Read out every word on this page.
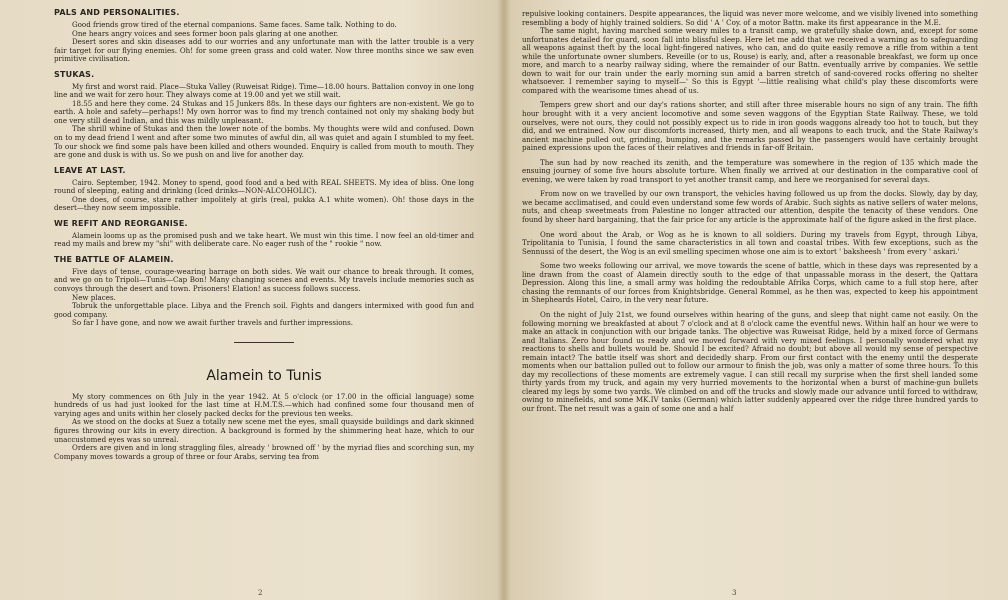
PALS AND PERSONALITIES.

Good friends grow tired of the eternal companions. Same faces. Same talk. Nothing to do.

One hears angry voices and sees former boon pals glaring at one another.

Desert sores and skin diseases add to our worries and any unfortunate man with the latter trouble is a very fair target for our flying enemies. Oh! for some green grass and cold water. Now three months since we saw even primitive civilisation.

STUKAS.

My first and worst raid. Place—Stuka Valley (Ruweisat Ridge). Time—18.00 hours. Battalion convoy in one long line and we wait for zero hour. They always come at 19.00 and yet we still wait.

18.55 and here they come. 24 Stukas and 15 Junkers 88s. In these days our fighters are non-existent. We go to earth. A hole and safety—perhaps!! My own horror was to find my trench contained not only my shaking body but one very still dead Indian, and this was mildly unpleasant.

The shrill whine of Stukas and then the lower note of the bombs. My thoughts were wild and confused. Down on to my dead friend I went and after some two minutes of awful din, all was quiet and again I stumbled to my feet. To our shock we find some pals have been killed and others wounded. Enquiry is called from mouth to mouth. They are gone and dusk is with us. So we push on and live for another day.

LEAVE AT LAST.

Cairo. September, 1942. Money to spend, good food and a bed with REAL SHEETS. My idea of bliss. One long round of sleeping, eating and drinking (Iced drinks—NON-ALCOHOLIC).

One does, of course, stare rather impolitely at girls (real, pukka A.1 white women). Oh! those days in the desert—they now seem impossible.

WE REFIT AND REORGANISE.

Alamein looms up as the promised push and we take heart. We must win this time. I now feel an old-timer and read my mails and brew my "shi" with deliberate care. No eager rush of the " rookie " now.

THE BATTLE OF ALAMEIN.

Five days of tense, courage-wearing barrage on both sides. We wait our chance to break through. It comes, and we go on to Tripoli—Tunis—Cap Bon! Many changing scenes and events. My travels include memories such as convoys through the desert and town. Prisoners! Elation! as success follows success.

New places.

Tobruk the unforgettable place. Libya and the French soil. Fights and dangers intermixed with good fun and good company.

So far I have gone, and now we await further travels and further impressions.

Alamein to Tunis

My story commences on 6th July in the year 1942. At 5 o'clock (or 17.00 in the official language) some hundreds of us had just looked for the last time at H.M.T.S.—which had confined some four thousand men of varying ages and units within her closely packed decks for the previous ten weeks.

As we stood on the docks at Suez a totally new scene met the eyes, small quayside buildings and dark skinned figures throwing our kits in every direction. A background is formed by the shimmering heat haze, which to our unaccustomed eyes was so unreal.

Orders are given and in long straggling files, already ' browned off ' by the myriad flies and scorching sun, my Company moves towards a group of three or four Arabs, serving tea from

2

repulsive looking containers. Despite appearances, the liquid was never more welcome, and we visibly livened into something resembling a body of highly trained soldiers. So did ' A ' Coy. of a motor Battn. make its first appearance in the M.E.

The same night, having marched some weary miles to a transit camp, we gratefully shake down, and, except for some unfortunates detailed for guard, soon fall into blissful sleep. Here let me add that we received a warning as to safeguarding all weapons against theft by the local light-fingered natives, who can, and do quite easily remove a rifle from within a tent while the unfortunate owner slumbers. Reveille (or to us, Rouse) is early, and, after a reasonable breakfast, we form up once more, and march to a nearby railway siding, where the remainder of our Battn. eventually arrive by companies. We settle down to wait for our train under the early morning sun amid a barren stretch of sand-covered rocks offering no shelter whatsoever. I remember saying to myself—' So this is Egypt '—little realising what child's play these discomforts were compared with the wearisome times ahead of us.

Tempers grew short and our day's rations shorter, and still after three miserable hours no sign of any train. The fifth hour brought with it a very ancient locomotive and some seven waggons of the Egyptian State Railway. These, we told ourselves, were not ours, they could not possibly expect us to ride in iron goods waggons already too hot to touch, but they did, and we entrained. Now our discomforts increased, thirty men, and all weapons to each truck, and the State Railway's ancient machine pulled out, grinding, bumping, and the remarks passed by the passengers would have certainly brought pained expressions upon the faces of their relatives and friends in far-off Britain.

The sun had by now reached its zenith, and the temperature was somewhere in the region of 135 which made the ensuing journey of some five hours absolute torture. When finally we arrived at our destination in the comparative cool of evening, we were taken by road transport to yet another transit camp, and here we reorganised for several days.

From now on we travelled by our own transport, the vehicles having followed us up from the docks. Slowly, day by day, we became acclimatised, and could even understand some few words of Arabic. Such sights as native sellers of water melons, nuts, and cheap sweetmeats from Palestine no longer attracted our attention, despite the tenacity of these vendors. One found by sheer hard bargaining, that the fair price for any article is the approximate half of the figure asked in the first place.

One word about the Arab, or Wog as he is known to all soldiers. During my travels from Egypt, through Libya, Tripolitania to Tunisia, I found the same characteristics in all town and coastal tribes. With few exceptions, such as the Sennussi of the desert, the Wog is an evil smelling specimen whose one aim is to extort ' baksheesh ' from every ' askari.'

Some two weeks following our arrival, we move towards the scene of battle, which in these days was represented by a line drawn from the coast of Alamein directly south to the edge of that unpassable morass in the desert, the Qattara Depression. Along this line, a small army was holding the redoubtable Afrika Corps, which came to a full stop here, after chasing the remnants of our forces from Knightsbridge. General Rommel, as he then was, expected to keep his appointment in Shepheards Hotel, Cairo, in the very near future.

On the night of July 21st, we found ourselves within hearing of the guns, and sleep that night came not easily. On the following morning we breakfasted at about 7 o'clock and at 8 o'clock came the eventful news. Within half an hour we were to make an attack in conjunction with our brigade tanks. The objective was Ruweisat Ridge, held by a mixed force of Germans and Italians. Zero hour found us ready and we moved forward with very mixed feelings. I personally wondered what my reactions to shells and bullets would be. Should I be excited? Afraid no doubt; but above all would my sense of perspective remain intact? The battle itself was short and decidedly sharp. From our first contact with the enemy until the desperate moments when our battalion pulled out to follow our armour to finish the job, was only a matter of some three hours. To this day my recollections of these moments are extremely vague. I can still recall my surprise when the first shell landed some thirty yards from my truck, and again my very hurried movements to the horizontal when a burst of machine-gun bullets cleared my legs by some two yards. We climbed on and off the trucks and slowly made our advance until forced to withdraw, owing to minefields, and some MK.IV tanks (German) which latter suddenly appeared over the ridge three hundred yards to our front. The net result was a gain of some one and a half

3
